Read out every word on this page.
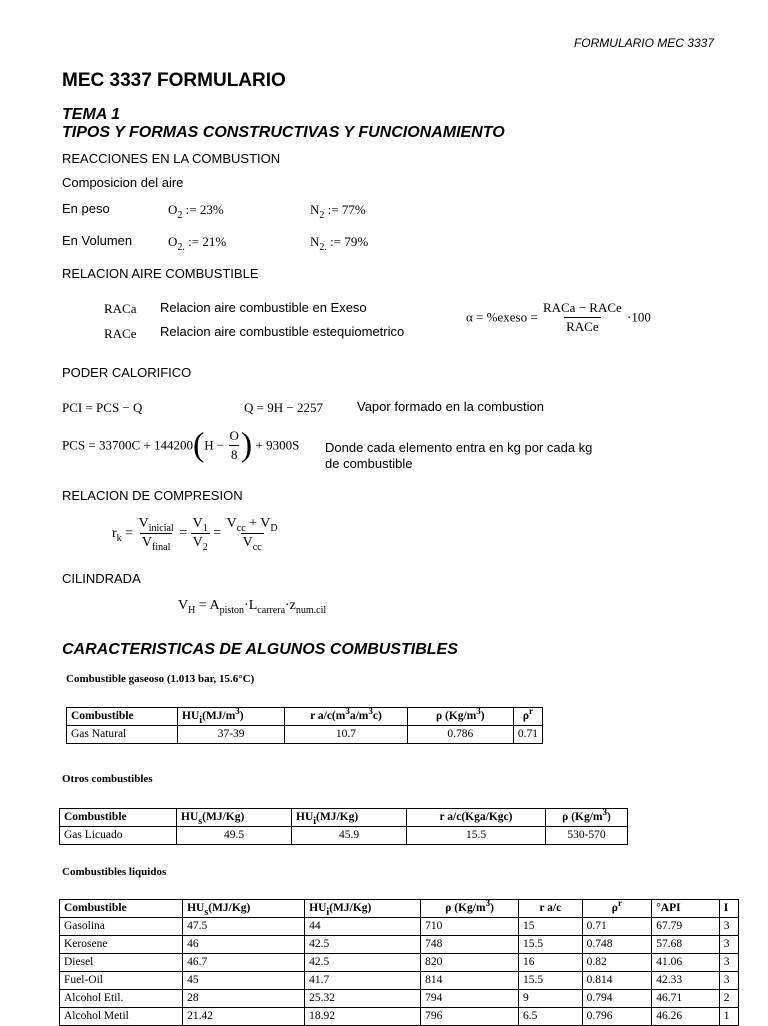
FORMULARIO MEC 3337
MEC 3337 FORMULARIO
TEMA 1
TIPOS Y FORMAS CONSTRUCTIVAS Y FUNCIONAMIENTO
REACCIONES EN LA COMBUSTION
Composicion del aire
En peso	$O_2$ := 23%	$N_2$ := 77%
En Volumen	$O_{2.}$ := 21%	$N_{2.}$ := 79%
RELACION AIRE COMBUSTIBLE
RACa Relacion aire combustible en Exeso
RACe Relacion aire combustible estequiometrico
α = %exeso = $\frac{\text{RACa − RACe}}{\text{RACe}} \cdot 100$
PODER CALORIFICO
PCI = PCS − Q	Q = 9H − 2257	Vapor formado en la combustion
PCS = $33700C + 144200(H - \frac{O}{8}$ ) + 9300S Donde cada elemento entra en kg por cada kg
de combustible
RELACION DE COMPRESION
$r_k = \frac{V_{inicial}}{V_{final}} = \frac{V_1}{V_2} = \frac{V_{cc} + V_D}{V_{cc}}$
CILINDRADA
$V_H = A_{piston}\cdot L_{carrera}\cdot z_{num.cil}$
CARACTERISTICAS DE ALGUNOS COMBUSTIBLES
Combustible gaseoso (1.013 bar, 15.6°C)
Combustible	$HUi(MJ/m^3)$	r $a/c(m^3a/m^3c)$	ρ $(Kg/m^3)$	$\rho^r$
Gas Natural	37-39	10.7	0.786	0.71
Otros combustibles
Combustible	HUs(MJ/Kg)	HUi(MJ/Kg)	r a/c(Kga/Kgc)	ρ $(Kg/m^3)$
Gas Licuado	49.5	45.9	15.5	530-570
Combustibles liquidos
Combustible	HUs(MJ/Kg)	HUi(MJ/Kg)	ρ $(Kg/m^3)$	r a/c	$\rho^r$	°API	I
Gasolina	47.5	44	710	15	0.71	67.79	3
Kerosene	46	42.5	748	15.5	0.748	57.68	3
Diesel	46.7	42.5	820	16	0.82	41.06	3
Fuel-Oil	45	41.7	814	15.5	0.814	42.33	3
Alcohol Etil.	28	25.32	794	9	0.794	46.71	2
Alcohol Metil	21.42	18.92	796	6.5	0.796	46.26	1
